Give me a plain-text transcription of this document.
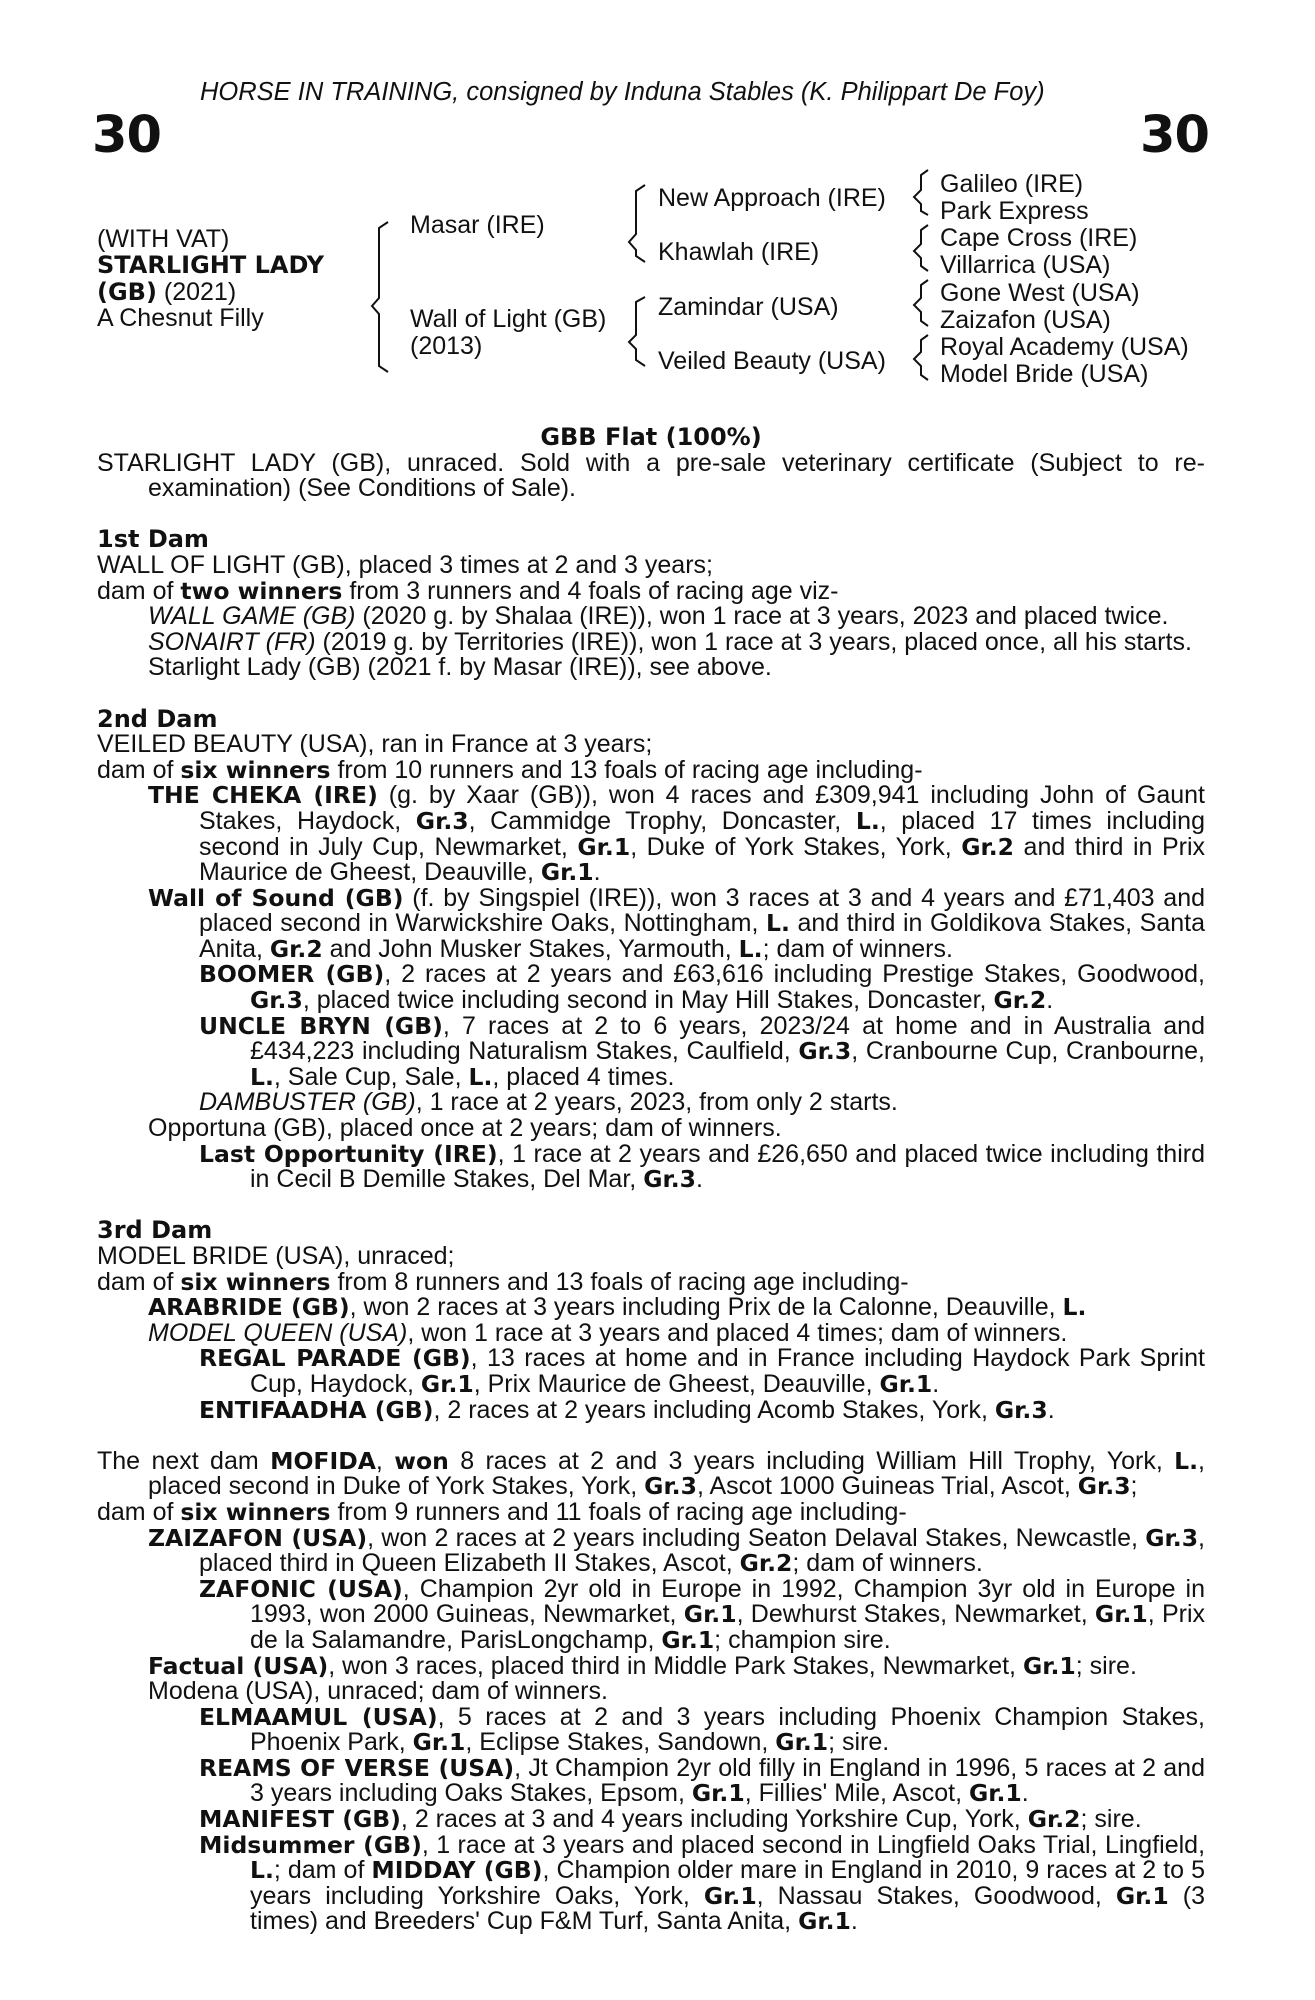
HORSE IN TRAINING, consigned by Induna Stables (K. Philippart De Foy)
30	30
(WITH VAT)
STARLIGHT LADY
(GB) (2021)
A Chesnut Filly
Masar (IRE)
Wall of Light (GB)
(2013)
New Approach (IRE)
Khawlah (IRE)
Zamindar (USA)
Veiled Beauty (USA)
Galileo (IRE)
Park Express
Cape Cross (IRE)
Villarrica (USA)
Gone West (USA)
Zaizafon (USA)
Royal Academy (USA)
Model Bride (USA)

GBB Flat (100%)

STARLIGHT LADY (GB), unraced. Sold with a pre-sale veterinary certificate (Subject to re-examination) (See Conditions of Sale).

1st Dam

WALL OF LIGHT (GB), placed 3 times at 2 and 3 years;

dam of two winners from 3 runners and 4 foals of racing age viz-

WALL GAME (GB) (2020 g. by Shalaa (IRE)), won 1 race at 3 years, 2023 and placed twice.

SONAIRT (FR) (2019 g. by Territories (IRE)), won 1 race at 3 years, placed once, all his starts.

Starlight Lady (GB) (2021 f. by Masar (IRE)), see above.

2nd Dam

VEILED BEAUTY (USA), ran in France at 3 years;

dam of six winners from 10 runners and 13 foals of racing age including-

THE CHEKA (IRE) (g. by Xaar (GB)), won 4 races and £309,941 including John of Gaunt Stakes, Haydock, Gr.3, Cammidge Trophy, Doncaster, L., placed 17 times including second in July Cup, Newmarket, Gr.1, Duke of York Stakes, York, Gr.2 and third in Prix Maurice de Gheest, Deauville, Gr.1.

Wall of Sound (GB) (f. by Singspiel (IRE)), won 3 races at 3 and 4 years and £71,403 and placed second in Warwickshire Oaks, Nottingham, L. and third in Goldikova Stakes, Santa Anita, Gr.2 and John Musker Stakes, Yarmouth, L.; dam of winners.

BOOMER (GB), 2 races at 2 years and £63,616 including Prestige Stakes, Goodwood, Gr.3, placed twice including second in May Hill Stakes, Doncaster, Gr.2.

UNCLE BRYN (GB), 7 races at 2 to 6 years, 2023/24 at home and in Australia and £434,223 including Naturalism Stakes, Caulfield, Gr.3, Cranbourne Cup, Cranbourne, L., Sale Cup, Sale, L., placed 4 times.

DAMBUSTER (GB), 1 race at 2 years, 2023, from only 2 starts.

Opportuna (GB), placed once at 2 years; dam of winners.

Last Opportunity (IRE), 1 race at 2 years and £26,650 and placed twice including third in Cecil B Demille Stakes, Del Mar, Gr.3.

3rd Dam

MODEL BRIDE (USA), unraced;

dam of six winners from 8 runners and 13 foals of racing age including-

ARABRIDE (GB), won 2 races at 3 years including Prix de la Calonne, Deauville, L.

MODEL QUEEN (USA), won 1 race at 3 years and placed 4 times; dam of winners.

REGAL PARADE (GB), 13 races at home and in France including Haydock Park Sprint Cup, Haydock, Gr.1, Prix Maurice de Gheest, Deauville, Gr.1.

ENTIFAADHA (GB), 2 races at 2 years including Acomb Stakes, York, Gr.3.

The next dam MOFIDA, won 8 races at 2 and 3 years including William Hill Trophy, York, L., placed second in Duke of York Stakes, York, Gr.3, Ascot 1000 Guineas Trial, Ascot, Gr.3;

dam of six winners from 9 runners and 11 foals of racing age including-

ZAIZAFON (USA), won 2 races at 2 years including Seaton Delaval Stakes, Newcastle, Gr.3, placed third in Queen Elizabeth II Stakes, Ascot, Gr.2; dam of winners.

ZAFONIC (USA), Champion 2yr old in Europe in 1992, Champion 3yr old in Europe in 1993, won 2000 Guineas, Newmarket, Gr.1, Dewhurst Stakes, Newmarket, Gr.1, Prix de la Salamandre, ParisLongchamp, Gr.1; champion sire.

Factual (USA), won 3 races, placed third in Middle Park Stakes, Newmarket, Gr.1; sire.

Modena (USA), unraced; dam of winners.

ELMAAMUL (USA), 5 races at 2 and 3 years including Phoenix Champion Stakes, Phoenix Park, Gr.1, Eclipse Stakes, Sandown, Gr.1; sire.

REAMS OF VERSE (USA), Jt Champion 2yr old filly in England in 1996, 5 races at 2 and 3 years including Oaks Stakes, Epsom, Gr.1, Fillies' Mile, Ascot, Gr.1.

MANIFEST (GB), 2 races at 3 and 4 years including Yorkshire Cup, York, Gr.2; sire.

Midsummer (GB), 1 race at 3 years and placed second in Lingfield Oaks Trial, Lingfield, L.; dam of MIDDAY (GB), Champion older mare in England in 2010, 9 races at 2 to 5 years including Yorkshire Oaks, York, Gr.1, Nassau Stakes, Goodwood, Gr.1 (3 times) and Breeders' Cup F&M Turf, Santa Anita, Gr.1.
